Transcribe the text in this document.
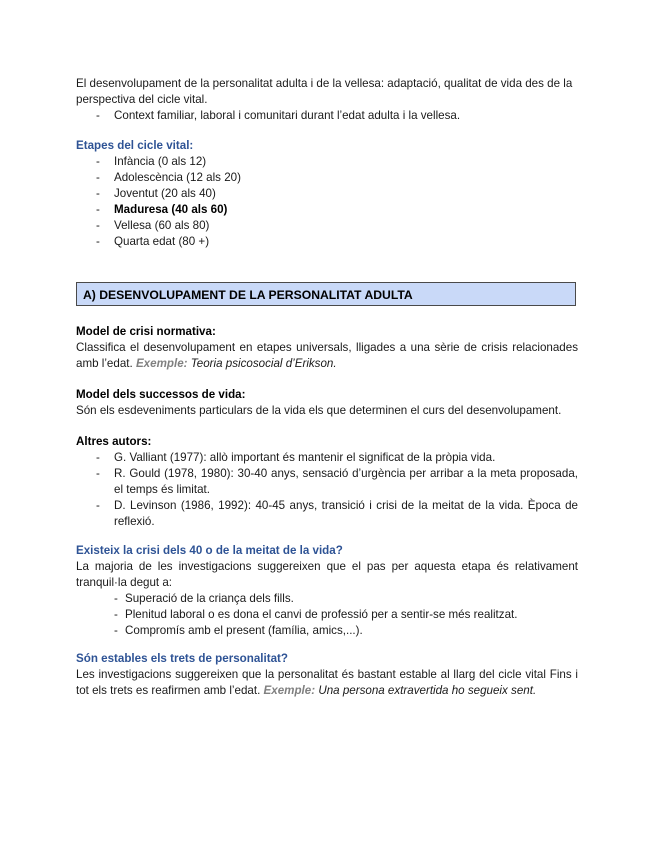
El desenvolupament de la personalitat adulta i de la vellesa: adaptació, qualitat de vida des de la perspectiva del cicle vital.

- Context familiar, laboral i comunitari durant l’edat adulta i la vellesa.

Etapes del cicle vital:

- Infància (0 als 12)
- Adolescència (12 als 20)
- Joventut (20 als 40)
- Maduresa (40 als 60)
- Vellesa (60 als 80)
- Quarta edat (80 +)
A) DESENVOLUPAMENT DE LA PERSONALITAT ADULTA

Model de crisi normativa:

Classifica el desenvolupament en etapes universals, lligades a una sèrie de crisis relacionades amb l’edat. Exemple: Teoria psicosocial d’Erikson.

Model dels successos de vida:

Són els esdeveniments particulars de la vida els que determinen el curs del desenvolupament.

Altres autors:

- G. Valliant (1977): allò important és mantenir el significat de la pròpia vida.
- R. Gould (1978, 1980): 30-40 anys, sensació d’urgència per arribar a la meta proposada, el temps és limitat.
- D. Levinson (1986, 1992): 40-45 anys, transició i crisi de la meitat de la vida. Època de reflexió.

Existeix la crisi dels 40 o de la meitat de la vida?

La majoria de les investigacions suggereixen que el pas per aquesta etapa és relativament tranquil·la degut a:

- Superació de la criança dels fills.
- Plenitud laboral o es dona el canvi de professió per a sentir-se més realitzat.
- Compromís amb el present (família, amics,...).

Són estables els trets de personalitat?

Les investigacions suggereixen que la personalitat és bastant estable al llarg del cicle vital Fins i tot els trets es reafirmen amb l’edat. Exemple: Una persona extravertida ho segueix sent.
